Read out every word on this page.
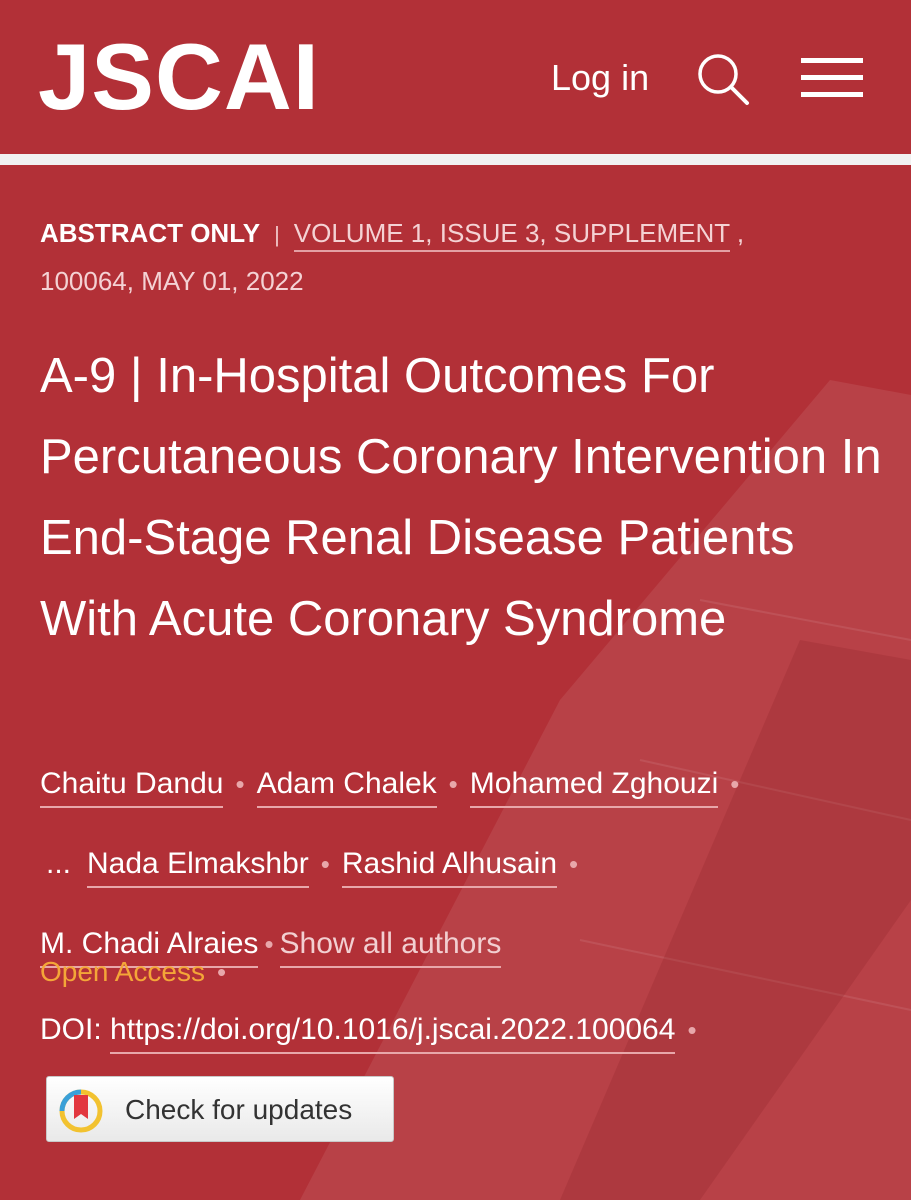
JSCAI	Log in
ABSTRACT ONLY | VOLUME 1, ISSUE 3, SUPPLEMENT ,
100064, MAY 01, 2022
A-9 | In-Hospital Outcomes For Percutaneous Coronary Intervention In End-Stage Renal Disease Patients With Acute Coronary Syndrome
Chaitu Dandu • Adam Chalek • Mohamed Zghouzi •
... Nada Elmakshbr • Rashid Alhusain •
M. Chadi Alraies • Show all authors
Open Access •
DOI: https://doi.org/10.1016/j.jscai.2022.100064 •
Check for updates
